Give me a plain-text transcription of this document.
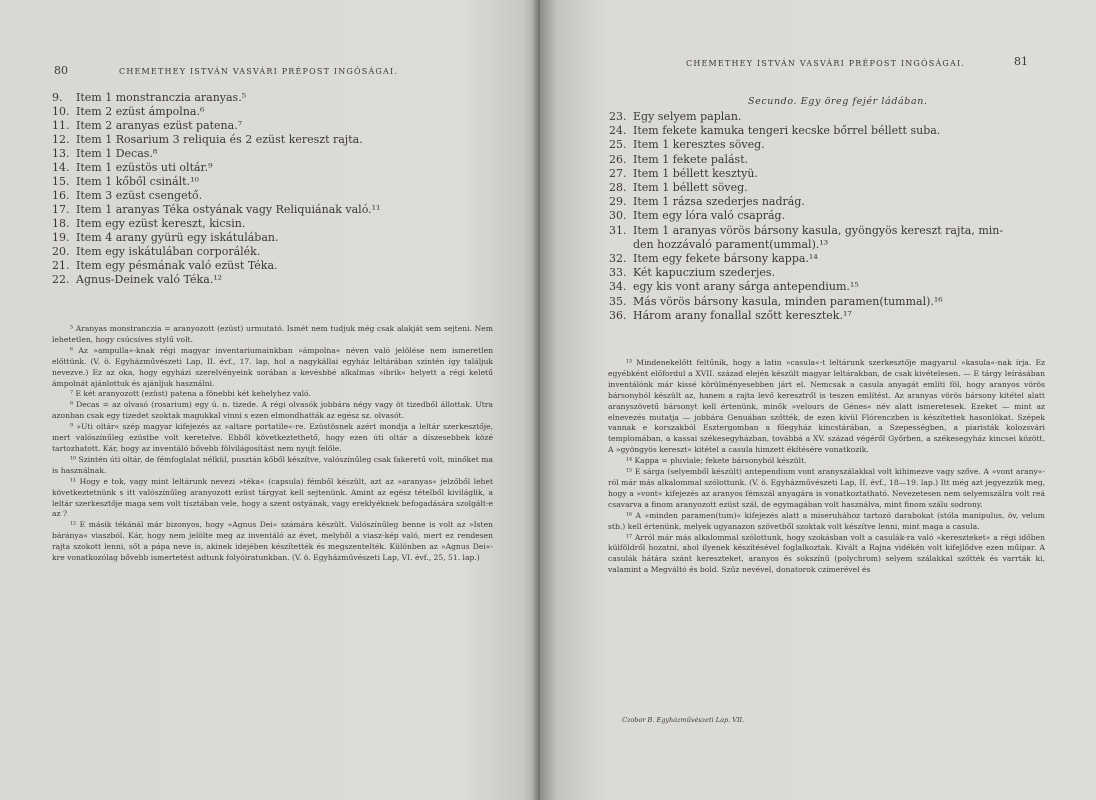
80	CHEMETHEY ISTVÁN VASVÁRI PRÉPOST INGÓSÁGAI.
9. Item 1 monstranczia aranyas.⁵
10. Item 2 ezüst ámpolna.⁶
11. Item 2 aranyas ezüst patena.⁷
12. Item 1 Rosarium 3 reliquia és 2 ezüst kereszt rajta.
13. Item 1 Decas.⁸
14. Item 1 ezüstös uti oltár.⁹
15. Item 1 kőből csinált.¹⁰
16. Item 3 ezüst csengető.
17. Item 1 aranyas Téka ostyának vagy Reliquiának való.¹¹
18. Item egy ezüst kereszt, kicsin.
19. Item 4 arany gyürü egy iskátulában.
20. Item egy iskátulában corporálék.
21. Item egy pésmának való ezüst Téka.
22. Agnus-Deinek való Téka.¹²

⁵ Aranyas monstranczia = aranyozott (ezüst) urmutató. Ismét nem tudjuk még csak alakját sem sejteni. Nem lehetetlen, hogy csúcsíves stylű volt.

⁶ Az »ampulla«-knak régi magyar inventariumainkban »ámpolna« néven való jelölése nem ismeretlen előttünk. (V. ö. Egyházművészeti Lap, II. évf., 17. lap, hol a nagykállai egyház leltárában szintén így találjuk nevezve.) Ez az oka, hogy egyházi szerelvényeink sorában a kevésbbé alkalmas »ibrik« helyett a régi keletű ámpolnát ajánlottuk és ajánljuk használni.

⁷ E két aranyozott (ezüst) patena a fönebbi két kehelyhez való.

⁸ Decas = az olvasó (rosarium) egy ú. n. tizede. A régi olvasók jobbára négy vagy öt tizedből állottak. Utra azonban csak egy tizedet szoktak magukkal vinni s ezen elmondhatták az egész sz. olvasót.

⁹ »Uti oltár« szép magyar kifejezés az »altare portatile«-re. Ezüstösnek azért mondja a leltár szerkesztője, mert valószínűleg ezüstbe volt keretelve. Ebből következtethető, hogy ezen úti oltár a díszesebbek közé tartozhatott. Kár, hogy az inventáló bővebb fölvilágosítást nem nyujt felőle.

¹⁰ Szintén úti oltár, de fémfoglalat nélkül, pusztán kőből készítve, valószínűleg csak fakeretű volt, minőket ma is használnak.

¹¹ Hogy e tok, vagy mint leltárunk nevezi »téka« (capsula) fémből készült, azt az »aranyas« jelzőből lehet következtetnünk s itt valószínűleg aranyozott ezüst tárgyat kell sejtenünk. Amint az egész tételből kiviláglik, a leltár szerkesztője maga sem volt tisztában vele, hogy a szent ostyának, vagy ereklyéknek befogadására szolgált-e az ?

¹² E másik tékánál már bizonyos, hogy »Agnus Dei« számára készült. Valószínűleg benne is volt az »Isten báránya« viaszból. Kár, hogy nem jelölte meg az inventáló az évet, melyből a viasz-kép való, mert ez rendesen rajta szokott lenni, sőt a pápa neve is, akinek idejében készítették és megszentelték. Különben az »Agnus Dei«-kre vonatkozólag bővebb ismertetést adtunk folyóiratunkban. (V. ö. Egyházművészeti Lap, VI. évf., 25, 51. lap.)

CHEMETHEY ISTVÁN VASVÁRI PRÉPOST INGÓSÁGAI.	81
Secundo. Egy öreg fejér ládában.
23. Egy selyem paplan.
24. Item fekete kamuka tengeri kecske bőrrel béllett suba.
25. Item 1 keresztes söveg.
26. Item 1 fekete palást.
27. Item 1 béllett kesztyü.
28. Item 1 béllett söveg.
29. Item 1 rázsa szederjes nadrág.
30. Item egy lóra való csaprág.
31. Item 1 aranyas vörös bársony kasula, gyöngyös kereszt rajta, min-
den hozzávaló parament(ummal).¹³
32. Item egy fekete bársony kappa.¹⁴
33. Két kapuczium szederjes.
34. egy kis vont arany sárga antependium.¹⁵
35. Más vörös bársony kasula, minden paramen(tummal).¹⁶
36. Három arany fonallal szőtt keresztek.¹⁷

¹³ Mindenekelőtt feltűnik, hogy a latin »casula«-t leltárunk szerkesztője magyarul »kasula«-nak írja. Ez egyébként előfordul a XVII. század elején készült magyar leltárakban, de csak kivételesen. — E tárgy leírásában inventálónk már kissé körülményesebben járt el. Nemcsak a casula anyagát említi föl, hogy aranyos vörös bársonyból készült az, hanem a rajta levő keresztről is teszen említést. Az aranyas vörös bársony kitétel alatt aranyszövetű bársonyt kell értenünk, minők »velours de Génes« név alatt ismeretesek. Ezeket — mint az elnevezés mutatja — jobbára Genuában szőtték, de ezen kívül Flórenczben is készítettek hasonlókat. Szépek vannak e korszakból Esztergomban a főegyház kincstárában, a Szepességben, a piaristák kolozsvári templomában, a kassai székesegyházban, továbbá a XV. század végéről Győrben, a székesegyház kincsei között. A »gyöngyös kereszt« kitétel a casula himzett ékítésére vonatkozik.

¹⁴ Kappa = pluviale; fekete bársonyból készült.

¹⁵ E sárga (selyemből készült) antependium vont aranyszálakkal volt kihimezve vagy szőve. A »vont arany«-ról már más alkalommal szólottunk. (V. ö. Egyházművészeti Lap, II. évf., 18—19. lap.) Itt még azt jegyezzük meg, hogy a »vont« kifejezés az aranyos fémszál anyagára is vonatkoztatható. Nevezetesen nem selyemszálra volt reá csavarva a finom aranyozott ezüst szál, de egymagában volt használva, mint finom szálu sodrony.

¹⁶ A »minden paramen(tum)« kifejezés alatt a miseruhához tartozó darabokat (stóla manipulus, öv, velum stb.) kell értenünk, melyek ugyanazon szövetből szoktak volt készítve lenni, mint maga a casula.

¹⁷ Arról már más alkalommal szólottunk, hogy szokásban volt a casulák-ra való »kereszteket« a régi időben külföldről hozatni, ahol ilyenek készítésével foglalkoztak. Kivált a Rajna vidékén volt kifejlődve ezen műipar. A casulák hátára szánt kereszteket, aranyos és sokszínű (polychrom) selyem szálakkal szőtték és varrták ki, valamint a Megváltó és bold. Szűz nevével, donatorok czímerével és

Czobor B. Egyházművészeti Lap. VII.
